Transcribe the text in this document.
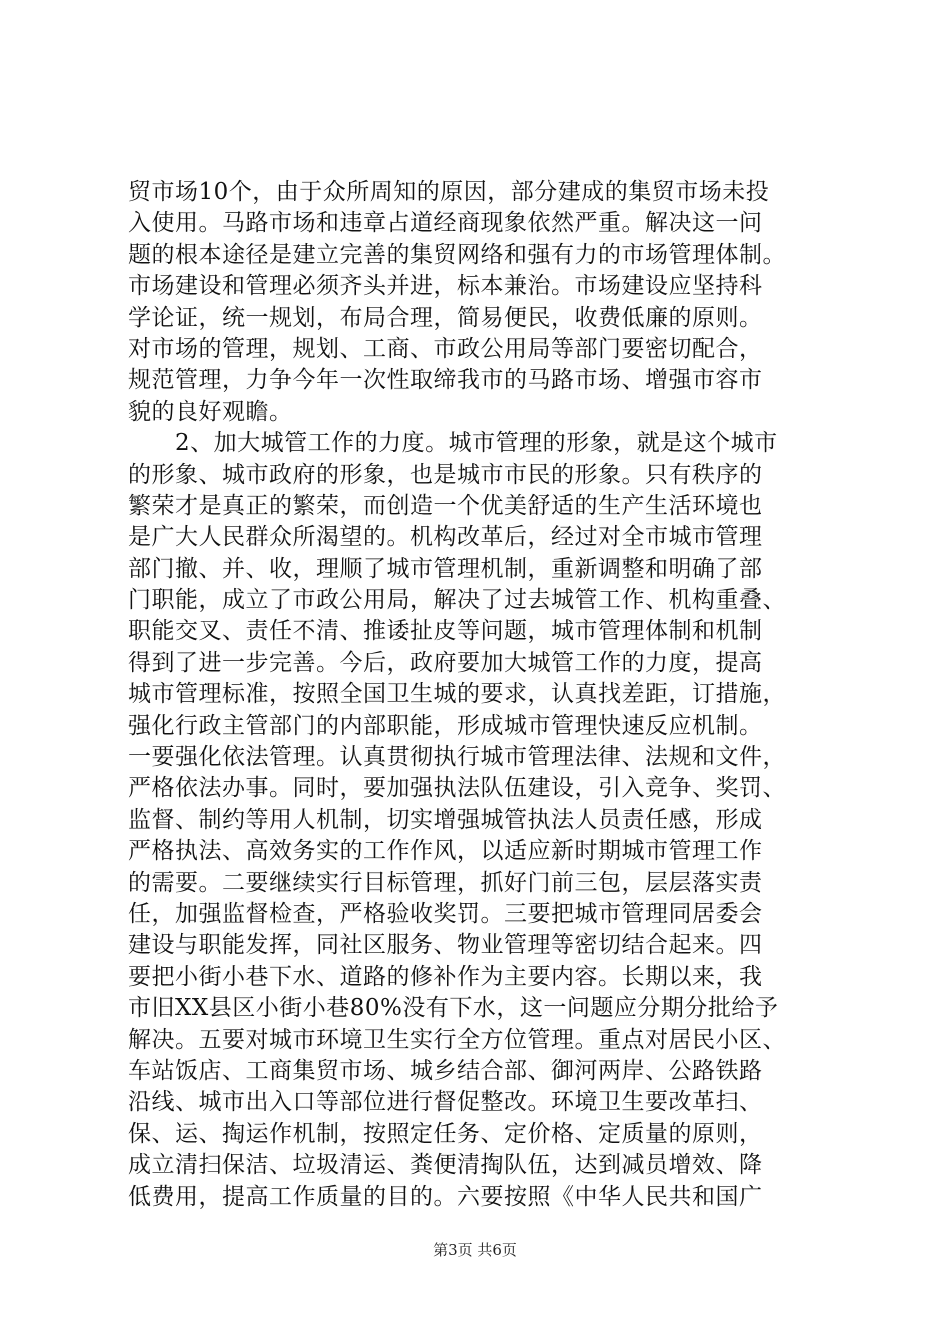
贸市场10个，由于众所周知的原因，部分建成的集贸市场未投
入使用。马路市场和违章占道经商现象依然严重。解决这一问
题的根本途径是建立完善的集贸网络和强有力的市场管理体制。
市场建设和管理必须齐头并进，标本兼治。市场建设应坚持科
学论证，统一规划，布局合理，简易便民，收费低廉的原则。
对市场的管理，规划、工商、市政公用局等部门要密切配合，
规范管理，力争今年一次性取缔我市的马路市场、增强市容市
貌的良好观瞻。
　　2、加大城管工作的力度。城市管理的形象，就是这个城市
的形象、城市政府的形象，也是城市市民的形象。只有秩序的
繁荣才是真正的繁荣，而创造一个优美舒适的生产生活环境也
是广大人民群众所渴望的。机构改革后，经过对全市城市管理
部门撤、并、收，理顺了城市管理机制，重新调整和明确了部
门职能，成立了市政公用局，解决了过去城管工作、机构重叠、
职能交叉、责任不清、推诿扯皮等问题，城市管理体制和机制
得到了进一步完善。今后，政府要加大城管工作的力度，提高
城市管理标准，按照全国卫生城的要求，认真找差距，订措施，
强化行政主管部门的内部职能，形成城市管理快速反应机制。
一要强化依法管理。认真贯彻执行城市管理法律、法规和文件，
严格依法办事。同时，要加强执法队伍建设，引入竞争、奖罚、
监督、制约等用人机制，切实增强城管执法人员责任感，形成
严格执法、高效务实的工作作风，以适应新时期城市管理工作
的需要。二要继续实行目标管理，抓好门前三包，层层落实责
任，加强监督检查，严格验收奖罚。三要把城市管理同居委会
建设与职能发挥，同社区服务、物业管理等密切结合起来。四
要把小街小巷下水、道路的修补作为主要内容。长期以来，我
市旧XX县区小街小巷80%没有下水，这一问题应分期分批给予
解决。五要对城市环境卫生实行全方位管理。重点对居民小区、
车站饭店、工商集贸市场、城乡结合部、御河两岸、公路铁路
沿线、城市出入口等部位进行督促整改。环境卫生要改革扫、
保、运、掏运作机制，按照定任务、定价格、定质量的原则，
成立清扫保洁、垃圾清运、粪便清掏队伍，达到减员增效、降
低费用，提高工作质量的目的。六要按照《中华人民共和国广
第3页 共6页
